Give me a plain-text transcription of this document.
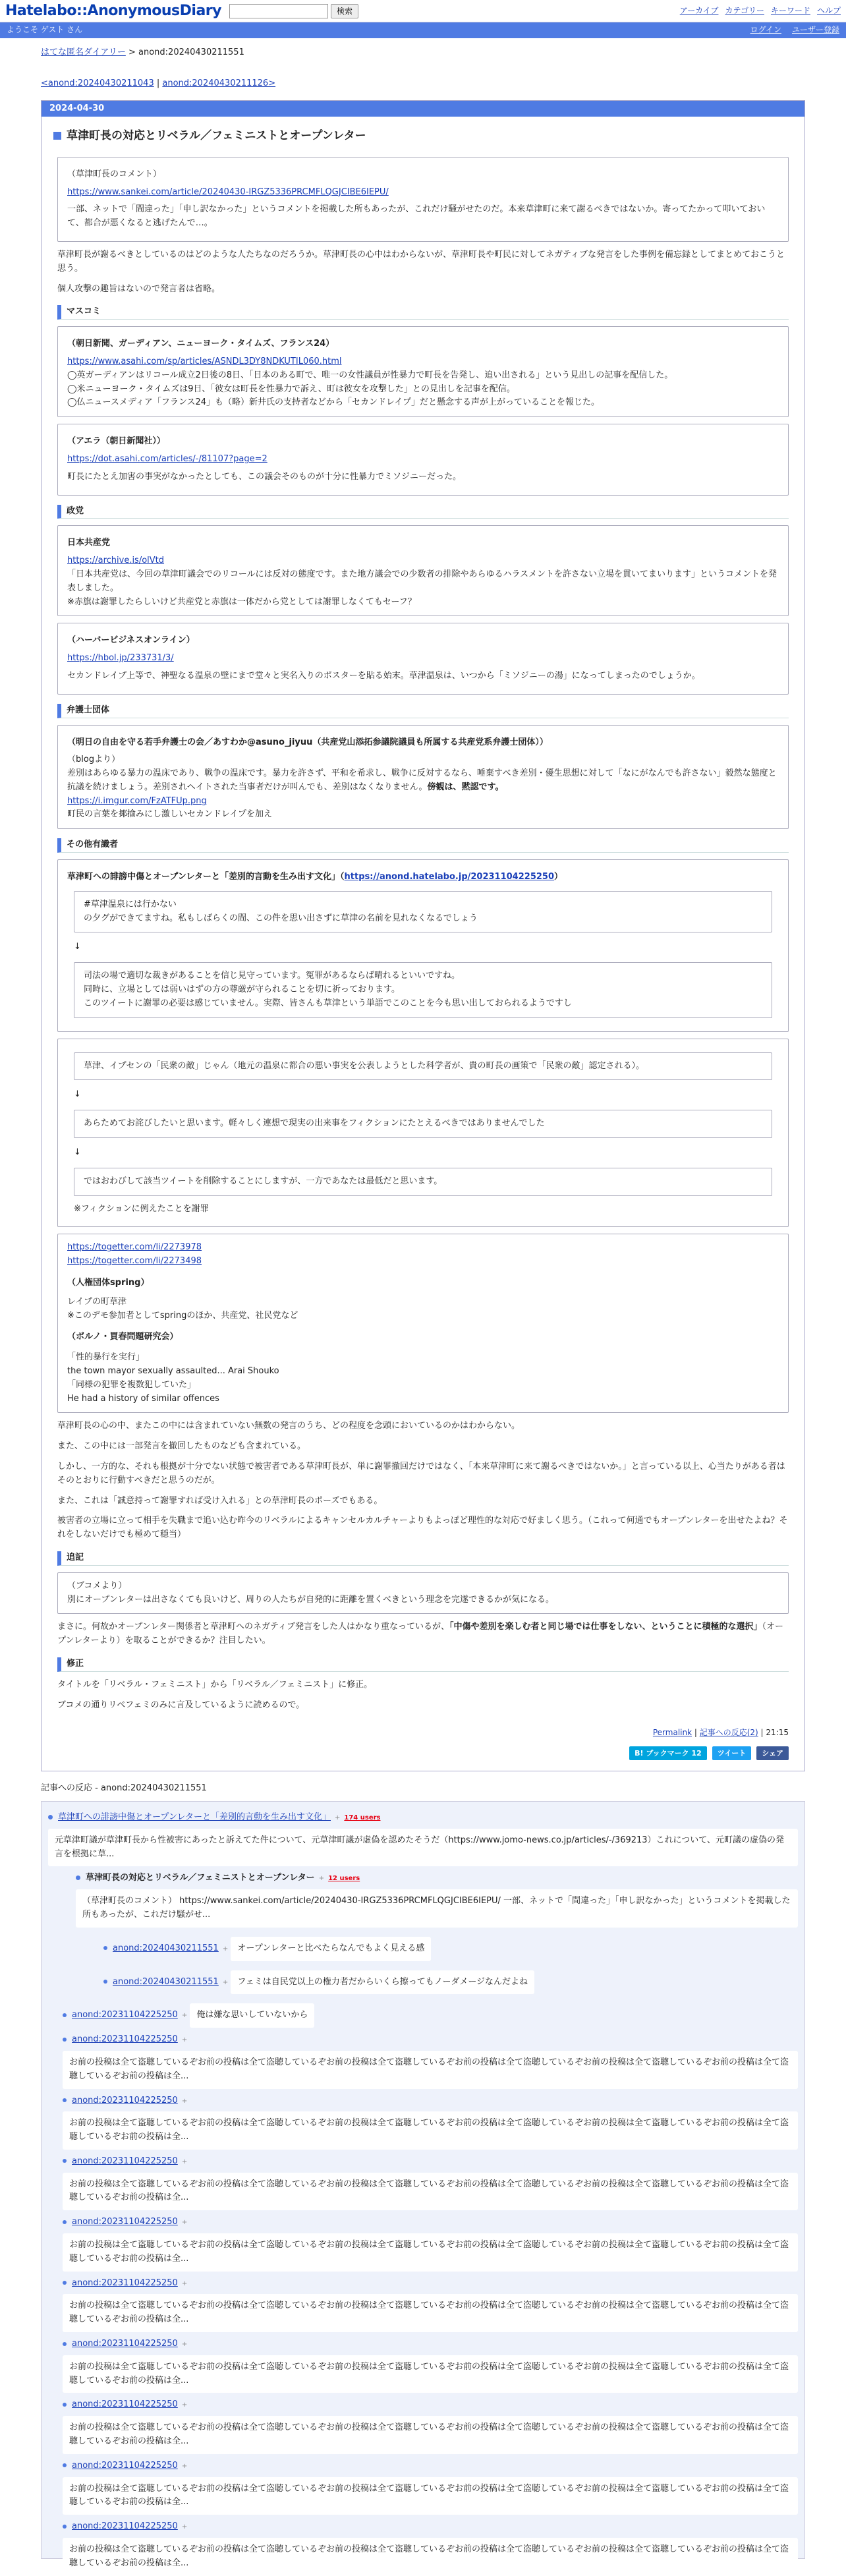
Hatelabo::AnonymousDiary	検索	アーカイブ カテゴリー キーワード ヘルプ
ようこそ ゲスト さん	ログイン ユーザー登録
はてな匿名ダイアリー > anond:20240430211551
<anond:20240430211043 | anond:20240430211126>
2024-04-30
草津町長の対応とリベラル／フェミニストとオープンレター

（草津町長のコメント）

https://www.sankei.com/article/20240430-IRGZ5336PRCMFLQGJCIBE6IEPU/

一部、ネットで「間違った」「申し訳なかった」というコメントを掲載した所もあったが、これだけ騒がせたのだ。本来草津町に来て謝るべきではないか。寄ってたかって叩いておいて、都合が悪くなると逃げたんで…。

草津町長が謝るべきとしているのはどのような人たちなのだろうか。草津町長の心中はわからないが、草津町長や町民に対してネガティブな発言をした事例を備忘録としてまとめておこうと思う。

個人攻撃の趣旨はないので発言者は省略。

マスコミ

（朝日新聞、ガーディアン、ニューヨーク・タイムズ、フランス24）

https://www.asahi.com/sp/articles/ASNDL3DY8NDKUTIL060.html

◯英ガーディアンはリコール成立2日後の8日、「日本のある町で、唯一の女性議員が性暴力で町長を告発し、追い出される」という見出しの記事を配信した。

◯米ニューヨーク・タイムズは9日、「彼女は町長を性暴力で訴え、町は彼女を攻撃した」との見出しを記事を配信。

◯仏ニュースメディア「フランス24」も（略）新井氏の支持者などから「セカンドレイプ」だと懸念する声が上がっていることを報じた。

（アエラ（朝日新聞社））

https://dot.asahi.com/articles/-/81107?page=2

町長にたとえ加害の事実がなかったとしても、この議会そのものが十分に性暴力でミソジニーだった。

政党

日本共産党

https://archive.is/olVtd

「日本共産党は、今回の草津町議会でのリコールには反対の態度です。また地方議会での少数者の排除やあらゆるハラスメントを許さない立場を貫いてまいります」というコメントを発表しました。

※赤旗は謝罪したらしいけど共産党と赤旗は一体だから党としては謝罪しなくてもセーフ？

（ハーバービジネスオンライン）

https://hbol.jp/233731/3/

セカンドレイプ上等で、神聖なる温泉の壁にまで堂々と実名入りのポスターを貼る始末。草津温泉は、いつから「ミソジニーの湯」になってしまったのでしょうか。

弁護士団体

（明日の自由を守る若手弁護士の会／あすわか@asuno_jiyuu（共産党山添拓参議院議員も所属する共産党系弁護士団体））

（blogより）

差別はあらゆる暴力の温床であり、戦争の温床です。暴力を許さず、平和を希求し、戦争に反対するなら、唾棄すべき差別・優生思想に対して「なにがなんでも許さない」毅然な態度と抗議を続けましょう。差別されヘイトされた当事者だけが叫んでも、差別はなくなりません。傍観は、黙認です。

https://i.imgur.com/FzATFUp.png

町民の言葉を揶揄みにし激しいセカンドレイプを加え

その他有識者

草津町への誹謗中傷とオープンレターと「差別的言動を生み出す文化」（https://anond.hatelabo.jp/20231104225250）

#草津温泉には行かない

の夕グができてますね。私もしばらくの間、この件を思い出さずに草津の名前を見れなくなるでしょう

↓

司法の場で適切な裁きがあることを信じ見守っています。冤罪があるならば晴れるといいですね。

同時に、立場としては弱いはずの方の尊厳が守られることを切に祈っております。

このツイートに謝罪の必要は感じていません。実際、皆さんも草津という単語でこのことを今も思い出しておられるようですし

草津、イプセンの「民衆の敵」じゃん（地元の温泉に都合の悪い事実を公表しようとした科学者が、貴の町長の画策で「民衆の敵」認定される）。

↓

あらためてお詫びしたいと思います。軽々しく連想で現実の出来事をフィクションにたとえるべきではありませんでした

↓

ではおわびして該当ツイートを削除することにしますが、一方であなたは最低だと思います。

※フィクションに例えたことを謝罪

https://togetter.com/li/2273978
https://togetter.com/li/2273498

（人権団体spring）

レイプの町草津

※このデモ参加者としてspringのほか、共産党、社民党など

（ポルノ・買春問題研究会）

「性的暴行を実行」

the town mayor sexually assaulted... Arai Shouko

「同様の犯罪を複数犯していた」

He had a history of similar offences

草津町長の心の中、またこの中には含まれていない無数の発言のうち、どの程度を念頭においているのかはわからない。

また、この中には一部発言を撤回したものなども含まれている。

しかし、一方的な、それも根拠が十分でない状態で被害者である草津町長が、単に謝罪撤回だけではなく、「本来草津町に来て謝るべきではないか。」と言っている以上、心当たりがある者はそのとおりに行動すべきだと思うのだが。

また、これは「誠意持って謝罪すれば受け入れる」との草津町長のポーズでもある。

被害者の立場に立って相手を失職まで追い込む昨今のリベラルによるキャンセルカルチャーよりもよっぽど理性的な対応で好ましく思う。（これって何通でもオープンレターを出せたよね？それをしないだけでも極めて穏当）

追記

（ブコメより）

別にオープンレターは出さなくても良いけど、周りの人たちが自発的に距離を置くべきという理念を完遂できるかが気になる。

まさに。何故かオープンレター関係者と草津町へのネガティブ発言をした人はかなり重なっているが、「中傷や差別を楽しむ者と同じ場では仕事をしない、ということに積極的な選択」（オープンレターより）を取ることができるか？注目したい。

修正

タイトルを「リベラル・フェミニスト」から「リベラル／フェミニスト」に修正。

ブコメの通りリベフェミのみに言及しているように読めるので。

Permalink | 記事への反応(2) | 21:15
B! ブックマーク 12	ツイート	シェア
記事への反応 - anond:20240430211551
草津町への誹謗中傷とオープンレターと「差別的言動を生み出す文化」 + 174 users
元草津町議が草津町長から性被害にあったと訴えてた件について、元草津町議が虚偽を認めたそうだ（https://www.jomo-news.co.jp/articles/-/369213）これについて、元町議の虚偽の発言を根拠に草...
草津町長の対応とリベラル／フェミニストとオープンレター + 12 users
（草津町長のコメント） https://www.sankei.com/article/20240430-IRGZ5336PRCMFLQGJCIBE6IEPU/ 一部、ネットで「間違った」「申し訳なかった」というコメントを掲載した所もあったが、これだけ騒がせ...
anond:20240430211551 + オープンレターと比べたらなんでもよく見える感
anond:20240430211551 + フェミは自民党以上の権力者だからいくら擦ってもノーダメージなんだよね
anond:20231104225250 + 俺は嫌な思いしていないから
anond:20231104225250 +
お前の投稿は全て盗聴しているぞお前の投稿は全て盗聴しているぞお前の投稿は全て盗聴しているぞお前の投稿は全て盗聴しているぞお前の投稿は全て盗聴しているぞお前の投稿は全て盗聴しているぞお前の投稿は全...
anond:20231104225250 +
お前の投稿は全て盗聴しているぞお前の投稿は全て盗聴しているぞお前の投稿は全て盗聴しているぞお前の投稿は全て盗聴しているぞお前の投稿は全て盗聴しているぞお前の投稿は全て盗聴しているぞお前の投稿は全...
anond:20231104225250 +
お前の投稿は全て盗聴しているぞお前の投稿は全て盗聴しているぞお前の投稿は全て盗聴しているぞお前の投稿は全て盗聴しているぞお前の投稿は全て盗聴しているぞお前の投稿は全て盗聴しているぞお前の投稿は全...
anond:20231104225250 +
お前の投稿は全て盗聴しているぞお前の投稿は全て盗聴しているぞお前の投稿は全て盗聴しているぞお前の投稿は全て盗聴しているぞお前の投稿は全て盗聴しているぞお前の投稿は全て盗聴しているぞお前の投稿は全...
anond:20231104225250 +
お前の投稿は全て盗聴しているぞお前の投稿は全て盗聴しているぞお前の投稿は全て盗聴しているぞお前の投稿は全て盗聴しているぞお前の投稿は全て盗聴しているぞお前の投稿は全て盗聴しているぞお前の投稿は全...
anond:20231104225250 +
お前の投稿は全て盗聴しているぞお前の投稿は全て盗聴しているぞお前の投稿は全て盗聴しているぞお前の投稿は全て盗聴しているぞお前の投稿は全て盗聴しているぞお前の投稿は全て盗聴しているぞお前の投稿は全...
anond:20231104225250 +
お前の投稿は全て盗聴しているぞお前の投稿は全て盗聴しているぞお前の投稿は全て盗聴しているぞお前の投稿は全て盗聴しているぞお前の投稿は全て盗聴しているぞお前の投稿は全て盗聴しているぞお前の投稿は全...
anond:20231104225250 +
お前の投稿は全て盗聴しているぞお前の投稿は全て盗聴しているぞお前の投稿は全て盗聴しているぞお前の投稿は全て盗聴しているぞお前の投稿は全て盗聴しているぞお前の投稿は全て盗聴しているぞお前の投稿は全...
anond:20231104225250 +
お前の投稿は全て盗聴しているぞお前の投稿は全て盗聴しているぞお前の投稿は全て盗聴しているぞお前の投稿は全て盗聴しているぞお前の投稿は全て盗聴しているぞお前の投稿は全て盗聴しているぞお前の投稿は全...
